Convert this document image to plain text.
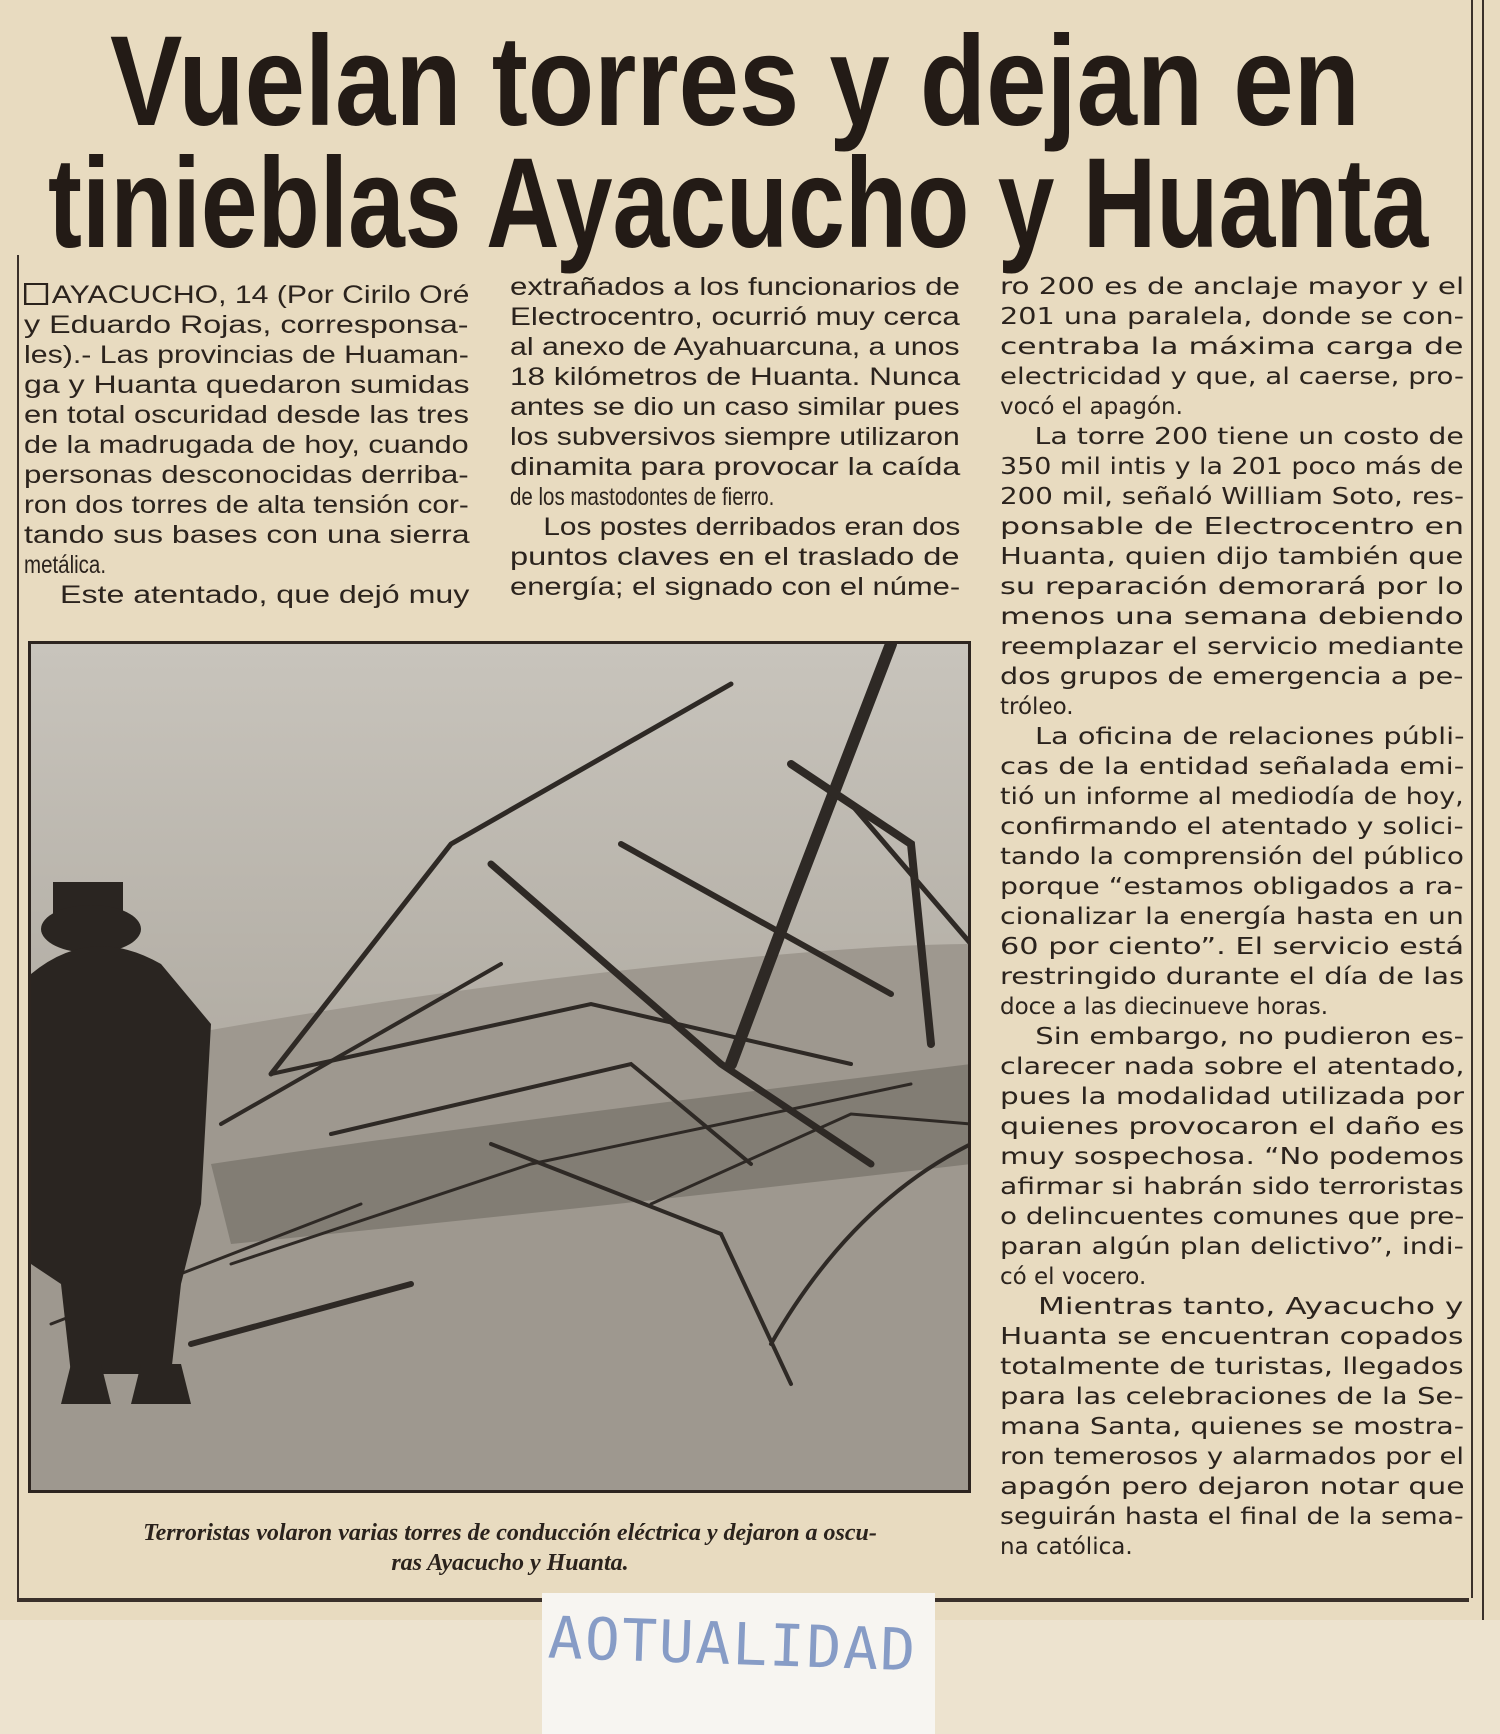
Vuelan torres y dejan en
tinieblas Ayacucho y Huanta
AYACUCHO, 14 (Por Cirilo Oré
y Eduardo Rojas, corresponsa-
les).- Las provincias de Huaman-
ga y Huanta quedaron sumidas
en total oscuridad desde las tres
de la madrugada de hoy, cuando
personas desconocidas derriba-
ron dos torres de alta tensión cor-
tando sus bases con una sierra
metálica.
Este atentado, que dejó muy
extrañados a los funcionarios de
Electrocentro, ocurrió muy cerca
al anexo de Ayahuarcuna, a unos
18 kilómetros de Huanta. Nunca
antes se dio un caso similar pues
los subversivos siempre utilizaron
dinamita para provocar la caída
de los mastodontes de fierro.
Los postes derribados eran dos
puntos claves en el traslado de
energía; el signado con el núme-
ro 200 es de anclaje mayor y el
201 una paralela, donde se con-
centraba la máxima carga de
electricidad y que, al caerse, pro-
vocó el apagón.
La torre 200 tiene un costo de
350 mil intis y la 201 poco más de
200 mil, señaló William Soto, res-
ponsable de Electrocentro en
Huanta, quien dijo también que
su reparación demorará por lo
menos una semana debiendo
reemplazar el servicio mediante
dos grupos de emergencia a pe-
tróleo.
La oficina de relaciones públi-
cas de la entidad señalada emi-
tió un informe al mediodía de hoy,
confirmando el atentado y solici-
tando la comprensión del público
porque “estamos obligados a ra-
cionalizar la energía hasta en un
60 por ciento”. El servicio está
restringido durante el día de las
doce a las diecinueve horas.
Sin embargo, no pudieron es-
clarecer nada sobre el atentado,
pues la modalidad utilizada por
quienes provocaron el daño es
muy sospechosa. “No podemos
afirmar si habrán sido terroristas
o delincuentes comunes que pre-
paran algún plan delictivo”, indi-
có el vocero.
Mientras tanto, Ayacucho y
Huanta se encuentran copados
totalmente de turistas, llegados
para las celebraciones de la Se-
mana Santa, quienes se mostra-
ron temerosos y alarmados por el
apagón pero dejaron notar que
seguirán hasta el final de la sema-
na católica.
Terroristas volaron varias torres de conducción eléctrica y dejaron a oscu-
ras Ayacucho y Huanta.
AOTUALIDAD
